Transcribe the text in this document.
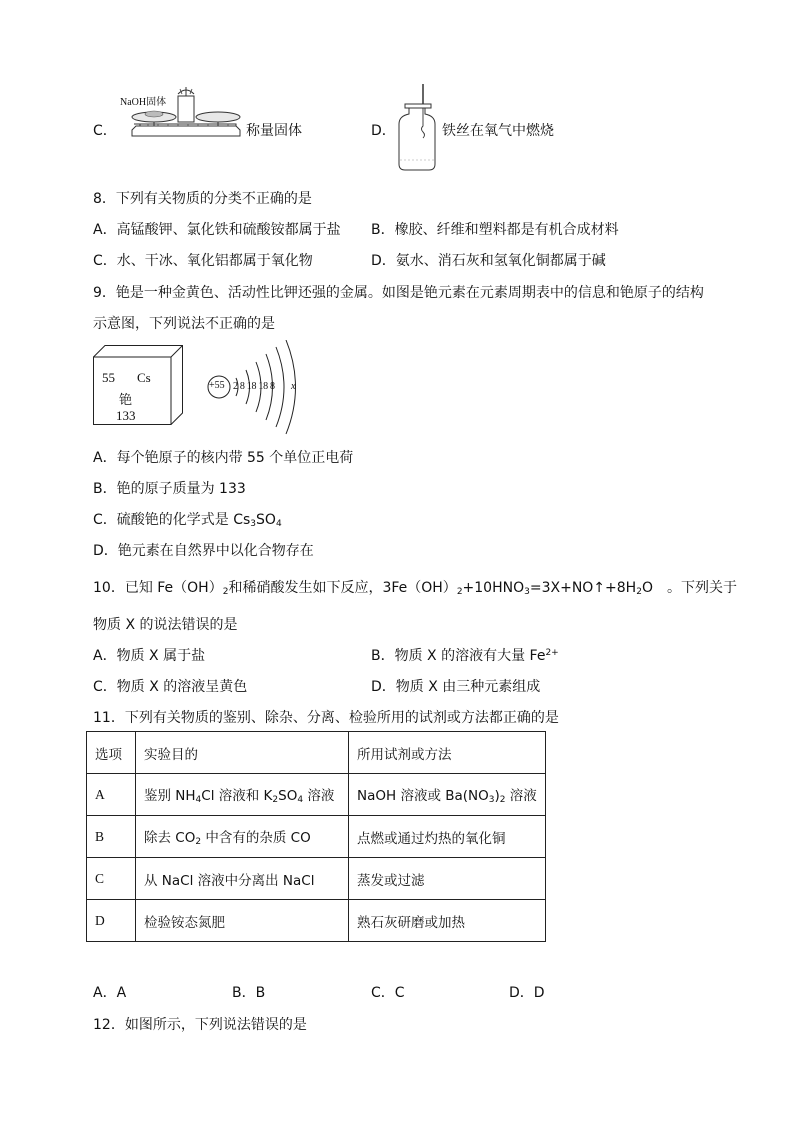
C．
NaOH固体
称量固体	D．	铁丝在氧气中燃烧
8．下列有关物质的分类不正确的是
A．高锰酸钾、氯化铁和硫酸铵都属于盐 B．橡胶、纤维和塑料都是有机合成材料
C．水、干冰、氧化铝都属于氧化物	D．氨水、消石灰和氢氧化铜都属于碱
9．铯是一种金黄色、活动性比钾还强的金属。如图是铯元素在元素周期表中的信息和铯原子的结构
示意图，下列说法不正确的是
55 Cs
铯
133
+55 2 8 18 18 8 x
A．每个铯原子的核内带 55 个单位正电荷
B．铯的原子质量为 133
C．硫酸铯的化学式是 $Cs_3SO_4$
D．铯元素在自然界中以化合物存在
10．已知 $Fe(OH)_2$和稀硝酸发生如下反应，$3Fe(OH)_2+10HNO_3=3X+NO↑+8H_2O$　。下列关于
物质 X 的说法错误的是
A．物质 X 属于盐	B．物质 X 的溶液有大量 $Fe^{2+}$
C．物质 X 的溶液呈黄色	D．物质 X 由三种元素组成
11．下列有关物质的鉴别、除杂、分离、检验所用的试剂或方法都正确的是
选项	实验目的	所用试剂或方法
A	鉴别 $NH_4Cl$ 溶液和 $K_2SO_4$ 溶液	NaOH 溶液或 $Ba(NO_3)_2$ 溶液
B	除去 $CO_2$ 中含有的杂质 CO	点燃或通过灼热的氧化铜
C	从 NaCl 溶液中分离出 NaCl	蒸发或过滤
D	检验铵态氮肥	熟石灰研磨或加热
A．A	B．B	C．C	D．D
12．如图所示，下列说法错误的是
